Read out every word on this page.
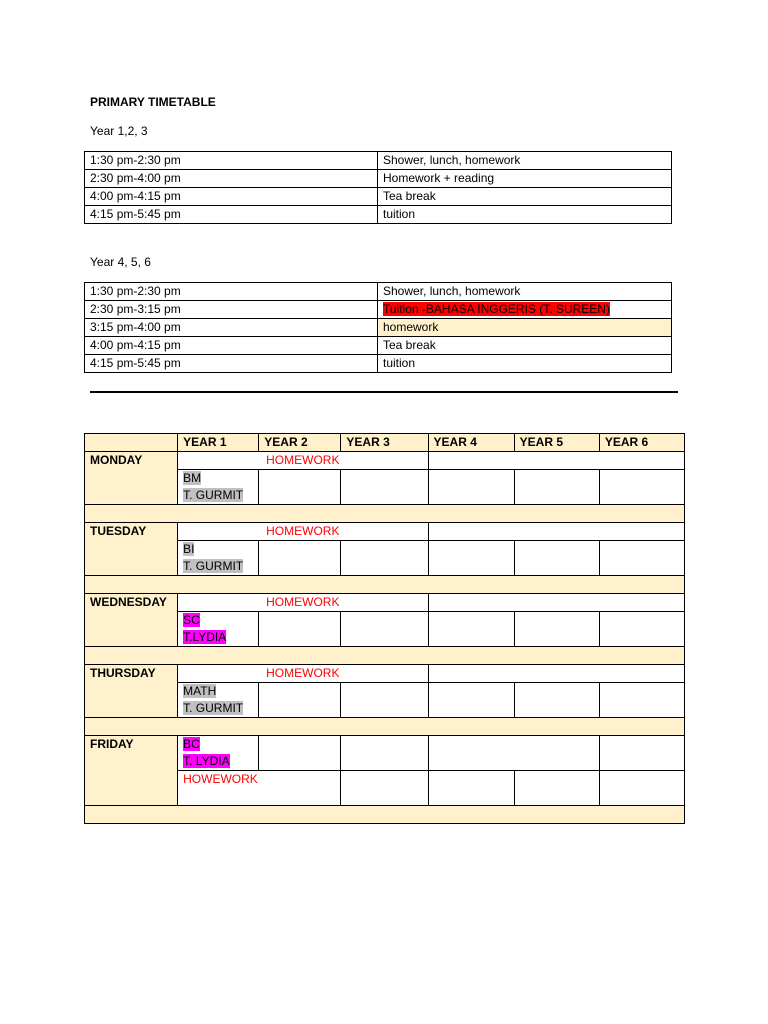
PRIMARY TIMETABLE
Year 1,2, 3
1:30 pm-2:30 pm	Shower, lunch, homework
2:30 pm-4:00 pm	Homework + reading
4:00 pm-4:15 pm	Tea break
4:15 pm-5:45 pm	tuition
Year 4, 5, 6
1:30 pm-2:30 pm	Shower, lunch, homework
2:30 pm-3:15 pm	Tuition -BAHASA INGGERIS (T. SUREEN)
3:15 pm-4:00 pm	homework
4:00 pm-4:15 pm	Tea break
4:15 pm-5:45 pm	tuition
	YEAR 1	YEAR 2	YEAR 3	YEAR 4	YEAR 5	YEAR 6
MONDAY	HOMEWORK					
	BM
T. GURMIT					

TUESDAY	HOMEWORK					
	BI
T. GURMIT					

WEDNESDAY	HOMEWORK					
	SC
T.LYDIA					

THURSDAY	HOMEWORK					
	MATH
T. GURMIT					

FRIDAY	BC
T. LYDIA					
	HOWEWORK					
